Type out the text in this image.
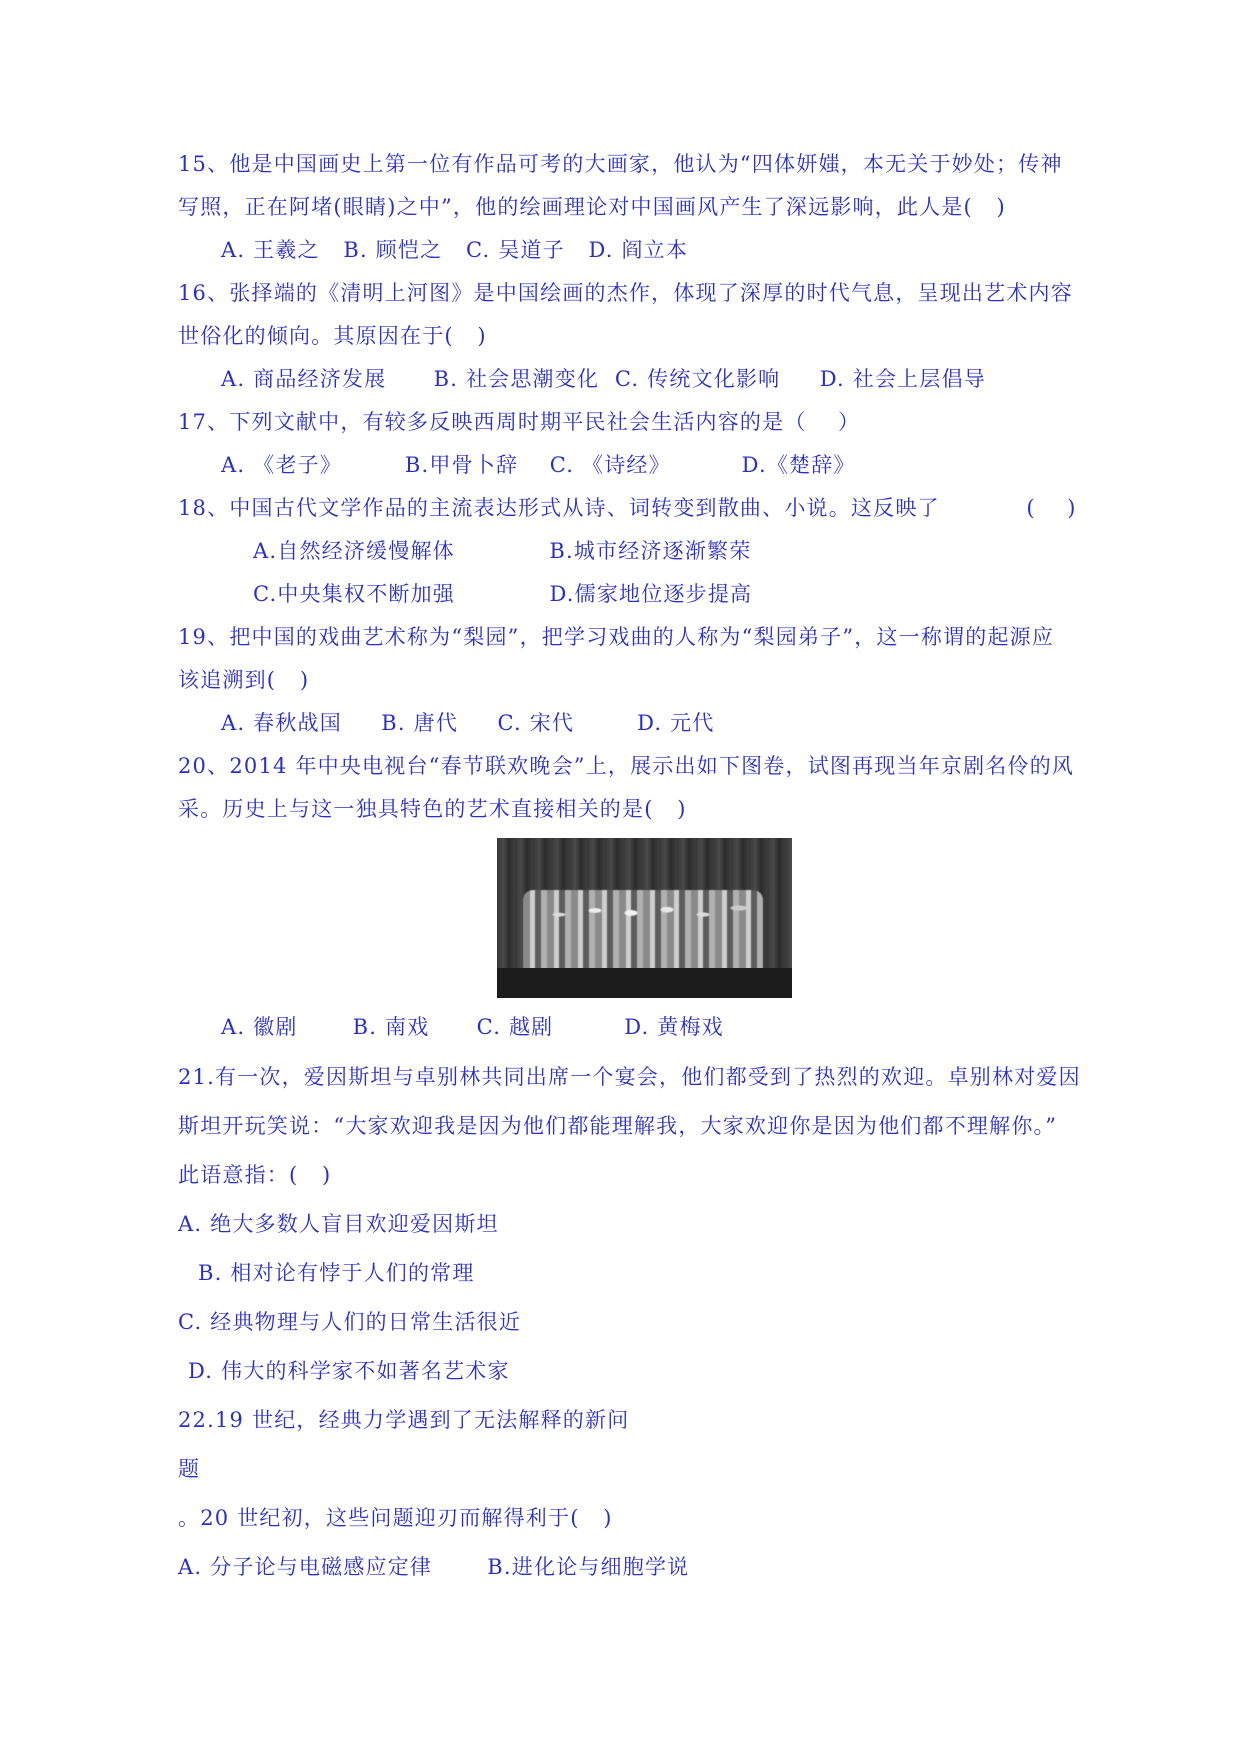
15、他是中国画史上第一位有作品可考的大画家，他认为“四体妍媸，本无关于妙处；传神
写照，正在阿堵(眼睛)之中”，他的绘画理论对中国画风产生了深远影响，此人是(   )
A. 王羲之   B. 顾恺之   C. 吴道子   D. 阎立本
16、张择端的《清明上河图》是中国绘画的杰作，体现了深厚的时代气息，呈现出艺术内容
世俗化的倾向。其原因在于(   )
A. 商品经济发展      B. 社会思潮变化  C. 传统文化影响     D. 社会上层倡导
17、下列文献中，有较多反映西周时期平民社会生活内容的是（    ）
A. 《老子》        B.甲骨卜辞    C. 《诗经》         D.《楚辞》
18、中国古代文学作品的主流表达形式从诗、词转变到散曲、小说。这反映了           (    )
A.自然经济缓慢解体            B.城市经济逐渐繁荣
C.中央集权不断加强            D.儒家地位逐步提高
19、把中国的戏曲艺术称为“梨园”，把学习戏曲的人称为“梨园弟子”，这一称谓的起源应
该追溯到(   )
A. 春秋战国     B. 唐代     C. 宋代        D. 元代
20、2014 年中央电视台“春节联欢晚会”上，展示出如下图卷，试图再现当年京剧名伶的风
采。历史上与这一独具特色的艺术直接相关的是(   )
A. 徽剧       B. 南戏      C. 越剧         D. 黄梅戏
21.有一次，爱因斯坦与卓别林共同出席一个宴会，他们都受到了热烈的欢迎。卓别林对爱因
斯坦开玩笑说：“大家欢迎我是因为他们都能理解我，大家欢迎你是因为他们都不理解你。”
此语意指：(   )
A. 绝大多数人盲目欢迎爱因斯坦
B. 相对论有悖于人们的常理
C. 经典物理与人们的日常生活很近
D. 伟大的科学家不如著名艺术家
22.19 世纪，经典力学遇到了无法解释的新问
题
。20 世纪初，这些问题迎刃而解得利于(   )
A. 分子论与电磁感应定律       B.进化论与细胞学说
